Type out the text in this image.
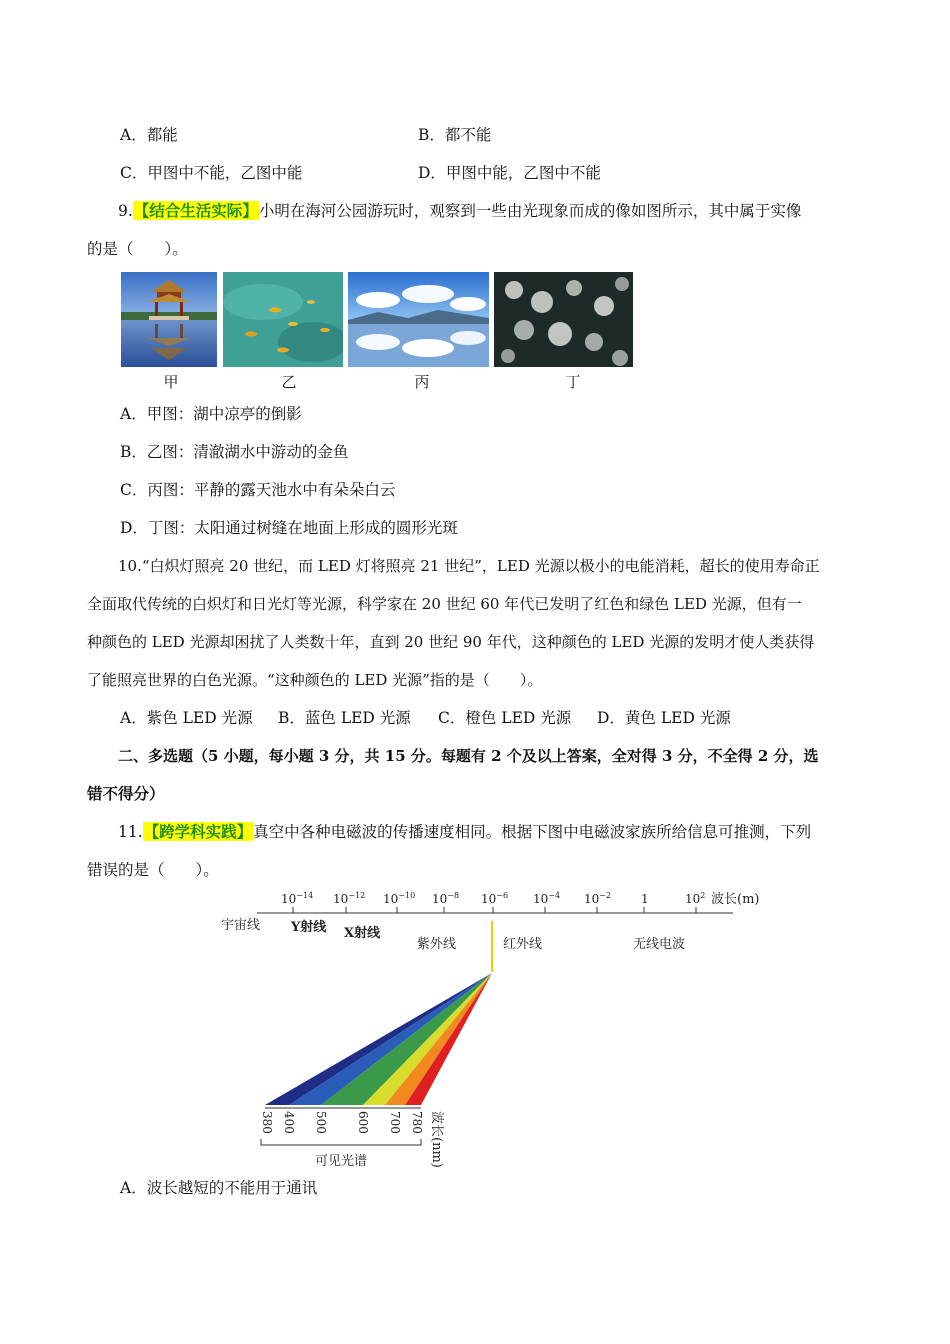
A．都能	B．都不能
C．甲图中不能，乙图中能	D．甲图中能，乙图中不能
9.【结合生活实际】小明在海河公园游玩时，观察到一些由光现象而成的像如图所示，其中属于实像
的是（　　）。
甲	乙	丙	丁
A．甲图：湖中凉亭的倒影
B．乙图：清澈湖水中游动的金鱼
C．丙图：平静的露天池水中有朵朵白云
D．丁图：太阳通过树缝在地面上形成的圆形光斑
10.“白炽灯照亮 20 世纪，而 LED 灯将照亮 21 世纪”，LED 光源以极小的电能消耗，超长的使用寿命正
全面取代传统的白炽灯和日光灯等光源，科学家在 20 世纪 60 年代已发明了红色和绿色 LED 光源，但有一
种颜色的 LED 光源却困扰了人类数十年，直到 20 世纪 90 年代，这种颜色的 LED 光源的发明才使人类获得
了能照亮世界的白色光源。“这种颜色的 LED 光源”指的是（　　）。
A．紫色 LED 光源 B．蓝色 LED 光源 C．橙色 LED 光源 D．黄色 LED 光源
二、多选题（5 小题，每小题 3 分，共 15 分。每题有 2 个及以上答案，全对得 3 分，不全得 2 分，选
错不得分）
11.【跨学科实践】真空中各种电磁波的传播速度相同。根据下图中电磁波家族所给信息可推测，下列
错误的是（　　）。
$10^{-14}$ $10^{-12}$ $10^{-10}$ $10^{-8}$ $10^{-6}$ $10^{-4}$ $10^{-2}$ 1	$10^2$ 波长(m)
宇宙线 Y射线 X射线
紫外线	红外线	无线电波
380 400 500 600 700 780 波长(nm)
可见光谱
A．波长越短的不能用于通讯
